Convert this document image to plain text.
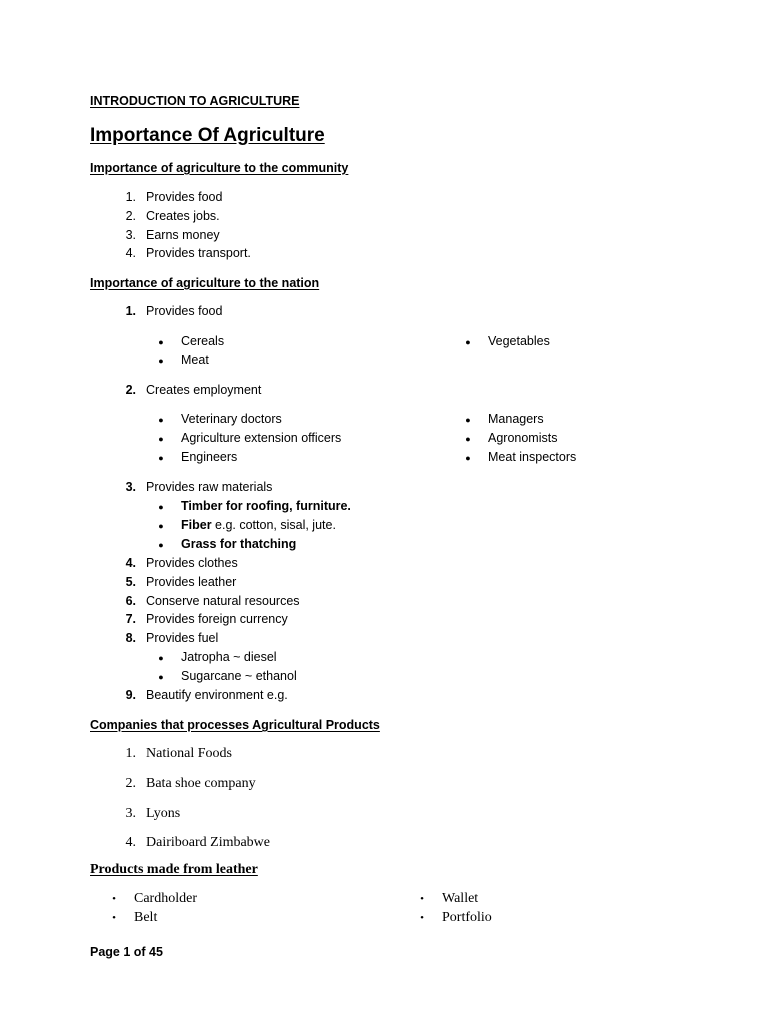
INTRODUCTION TO AGRICULTURE
Importance Of Agriculture
Importance of agriculture to the community
1. Provides food
2. Creates jobs.
3. Earns money
4. Provides transport.
Importance of agriculture to the nation
1. Provides food
● Cereals
● Meat
● Vegetables
2. Creates employment
● Veterinary doctors
● Agriculture extension officers
● Engineers
● Managers
● Agronomists
● Meat inspectors
3. Provides raw materials
● Timber for roofing, furniture.
● Fiber e.g. cotton, sisal, jute.
● Grass for thatching
4. Provides clothes
5. Provides leather
6. Conserve natural resources
7. Provides foreign currency
8. Provides fuel
● Jatropha ~ diesel
● Sugarcane ~ ethanol
9. Beautify environment e.g.
Companies that processes Agricultural Products
1. National Foods
2. Bata shoe company
3. Lyons
4. Dairiboard Zimbabwe
Products made from leather
• Cardholder
• Belt
• Wallet
• Portfolio
Page 1 of 45
